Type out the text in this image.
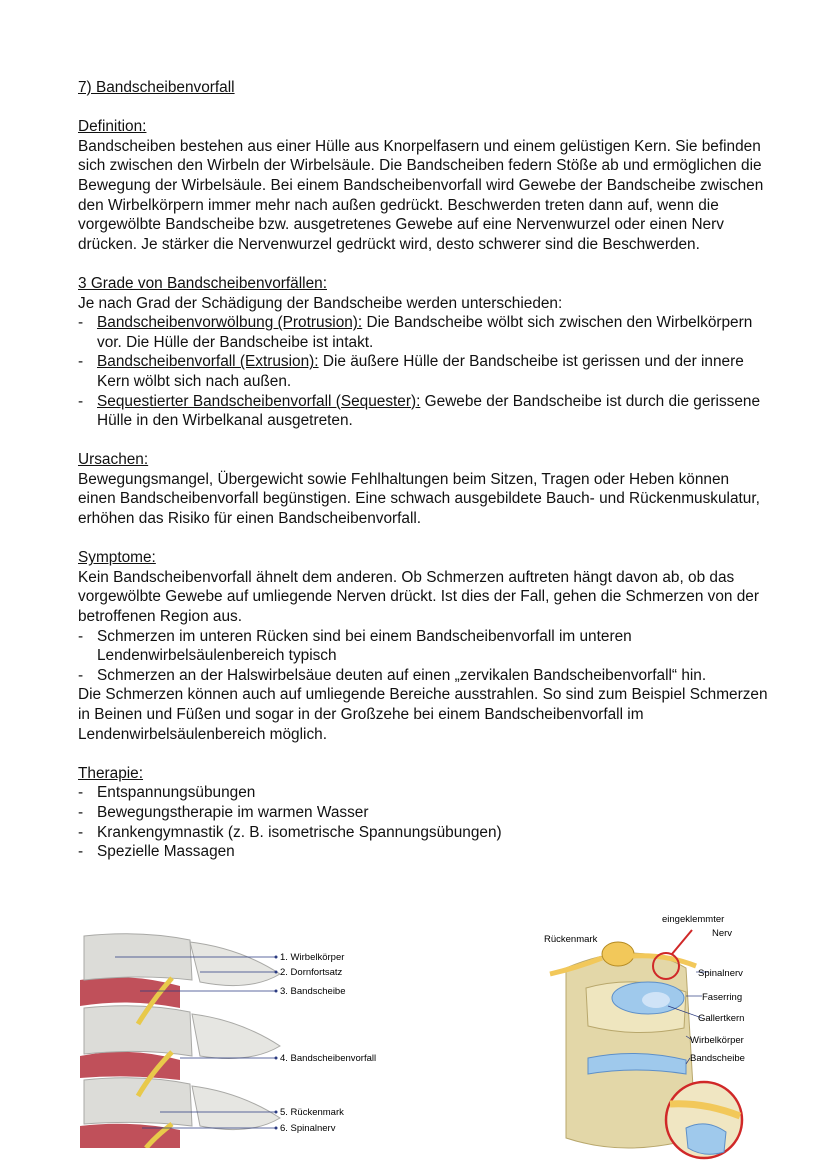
7) Bandscheibenvorfall

Definition:

Bandscheiben bestehen aus einer Hülle aus Knorpelfasern und einem gelüstigen Kern. Sie befinden sich zwischen den Wirbeln der Wirbelsäule. Die Bandscheiben federn Stöße ab und ermöglichen die Bewegung der Wirbelsäule. Bei einem Bandscheibenvorfall wird Gewebe der Bandscheibe zwischen den Wirbelkörpern immer mehr nach außen gedrückt. Beschwerden treten dann auf, wenn die vorgewölbte Bandscheibe bzw. ausgetretenes Gewebe auf eine Nervenwurzel oder einen Nerv drücken. Je stärker die Nervenwurzel gedrückt wird, desto schwerer sind die Beschwerden.

3 Grade von Bandscheibenvorfällen:

Je nach Grad der Schädigung der Bandscheibe werden unterschieden:

- Bandscheibenvorwölbung (Protrusion): Die Bandscheibe wölbt sich zwischen den Wirbelkörpern vor. Die Hülle der Bandscheibe ist intakt.
- Bandscheibenvorfall (Extrusion): Die äußere Hülle der Bandscheibe ist gerissen und der innere Kern wölbt sich nach außen.
- Sequestierter Bandscheibenvorfall (Sequester): Gewebe der Bandscheibe ist durch die gerissene Hülle in den Wirbelkanal ausgetreten.

Ursachen:

Bewegungsmangel, Übergewicht sowie Fehlhaltungen beim Sitzen, Tragen oder Heben können einen Bandscheibenvorfall begünstigen. Eine schwach ausgebildete Bauch- und Rückenmuskulatur, erhöhen das Risiko für einen Bandscheibenvorfall.

Symptome:

Kein Bandscheibenvorfall ähnelt dem anderen. Ob Schmerzen auftreten hängt davon ab, ob das vorgewölbte Gewebe auf umliegende Nerven drückt. Ist dies der Fall, gehen die Schmerzen von der betroffenen Region aus.

- Schmerzen im unteren Rücken sind bei einem Bandscheibenvorfall im unteren Lendenwirbelsäulenbereich typisch
- Schmerzen an der Halswirbelsäue deuten auf einen „zervikalen Bandscheibenvorfall“ hin.

Die Schmerzen können auch auf umliegende Bereiche ausstrahlen. So sind zum Beispiel Schmerzen in Beinen und Füßen und sogar in der Großzehe bei einem Bandscheibenvorfall im Lendenwirbelsäulenbereich möglich.

Therapie:

- Entspannungsübungen
- Bewegungstherapie im warmen Wasser
- Krankengymnastik (z. B. isometrische Spannungsübungen)
- Spezielle Massagen
1. Wirbelkörper
2. Dornfortsatz
3. Bandscheibe
4. Bandscheibenvorfall
5. Rückenmark
6. Spinalnerv
eingeklemmter
Nerv
Rückenmark
Spinalnerv
Faserring
Gallertkern
Wirbelkörper
Bandscheibe
